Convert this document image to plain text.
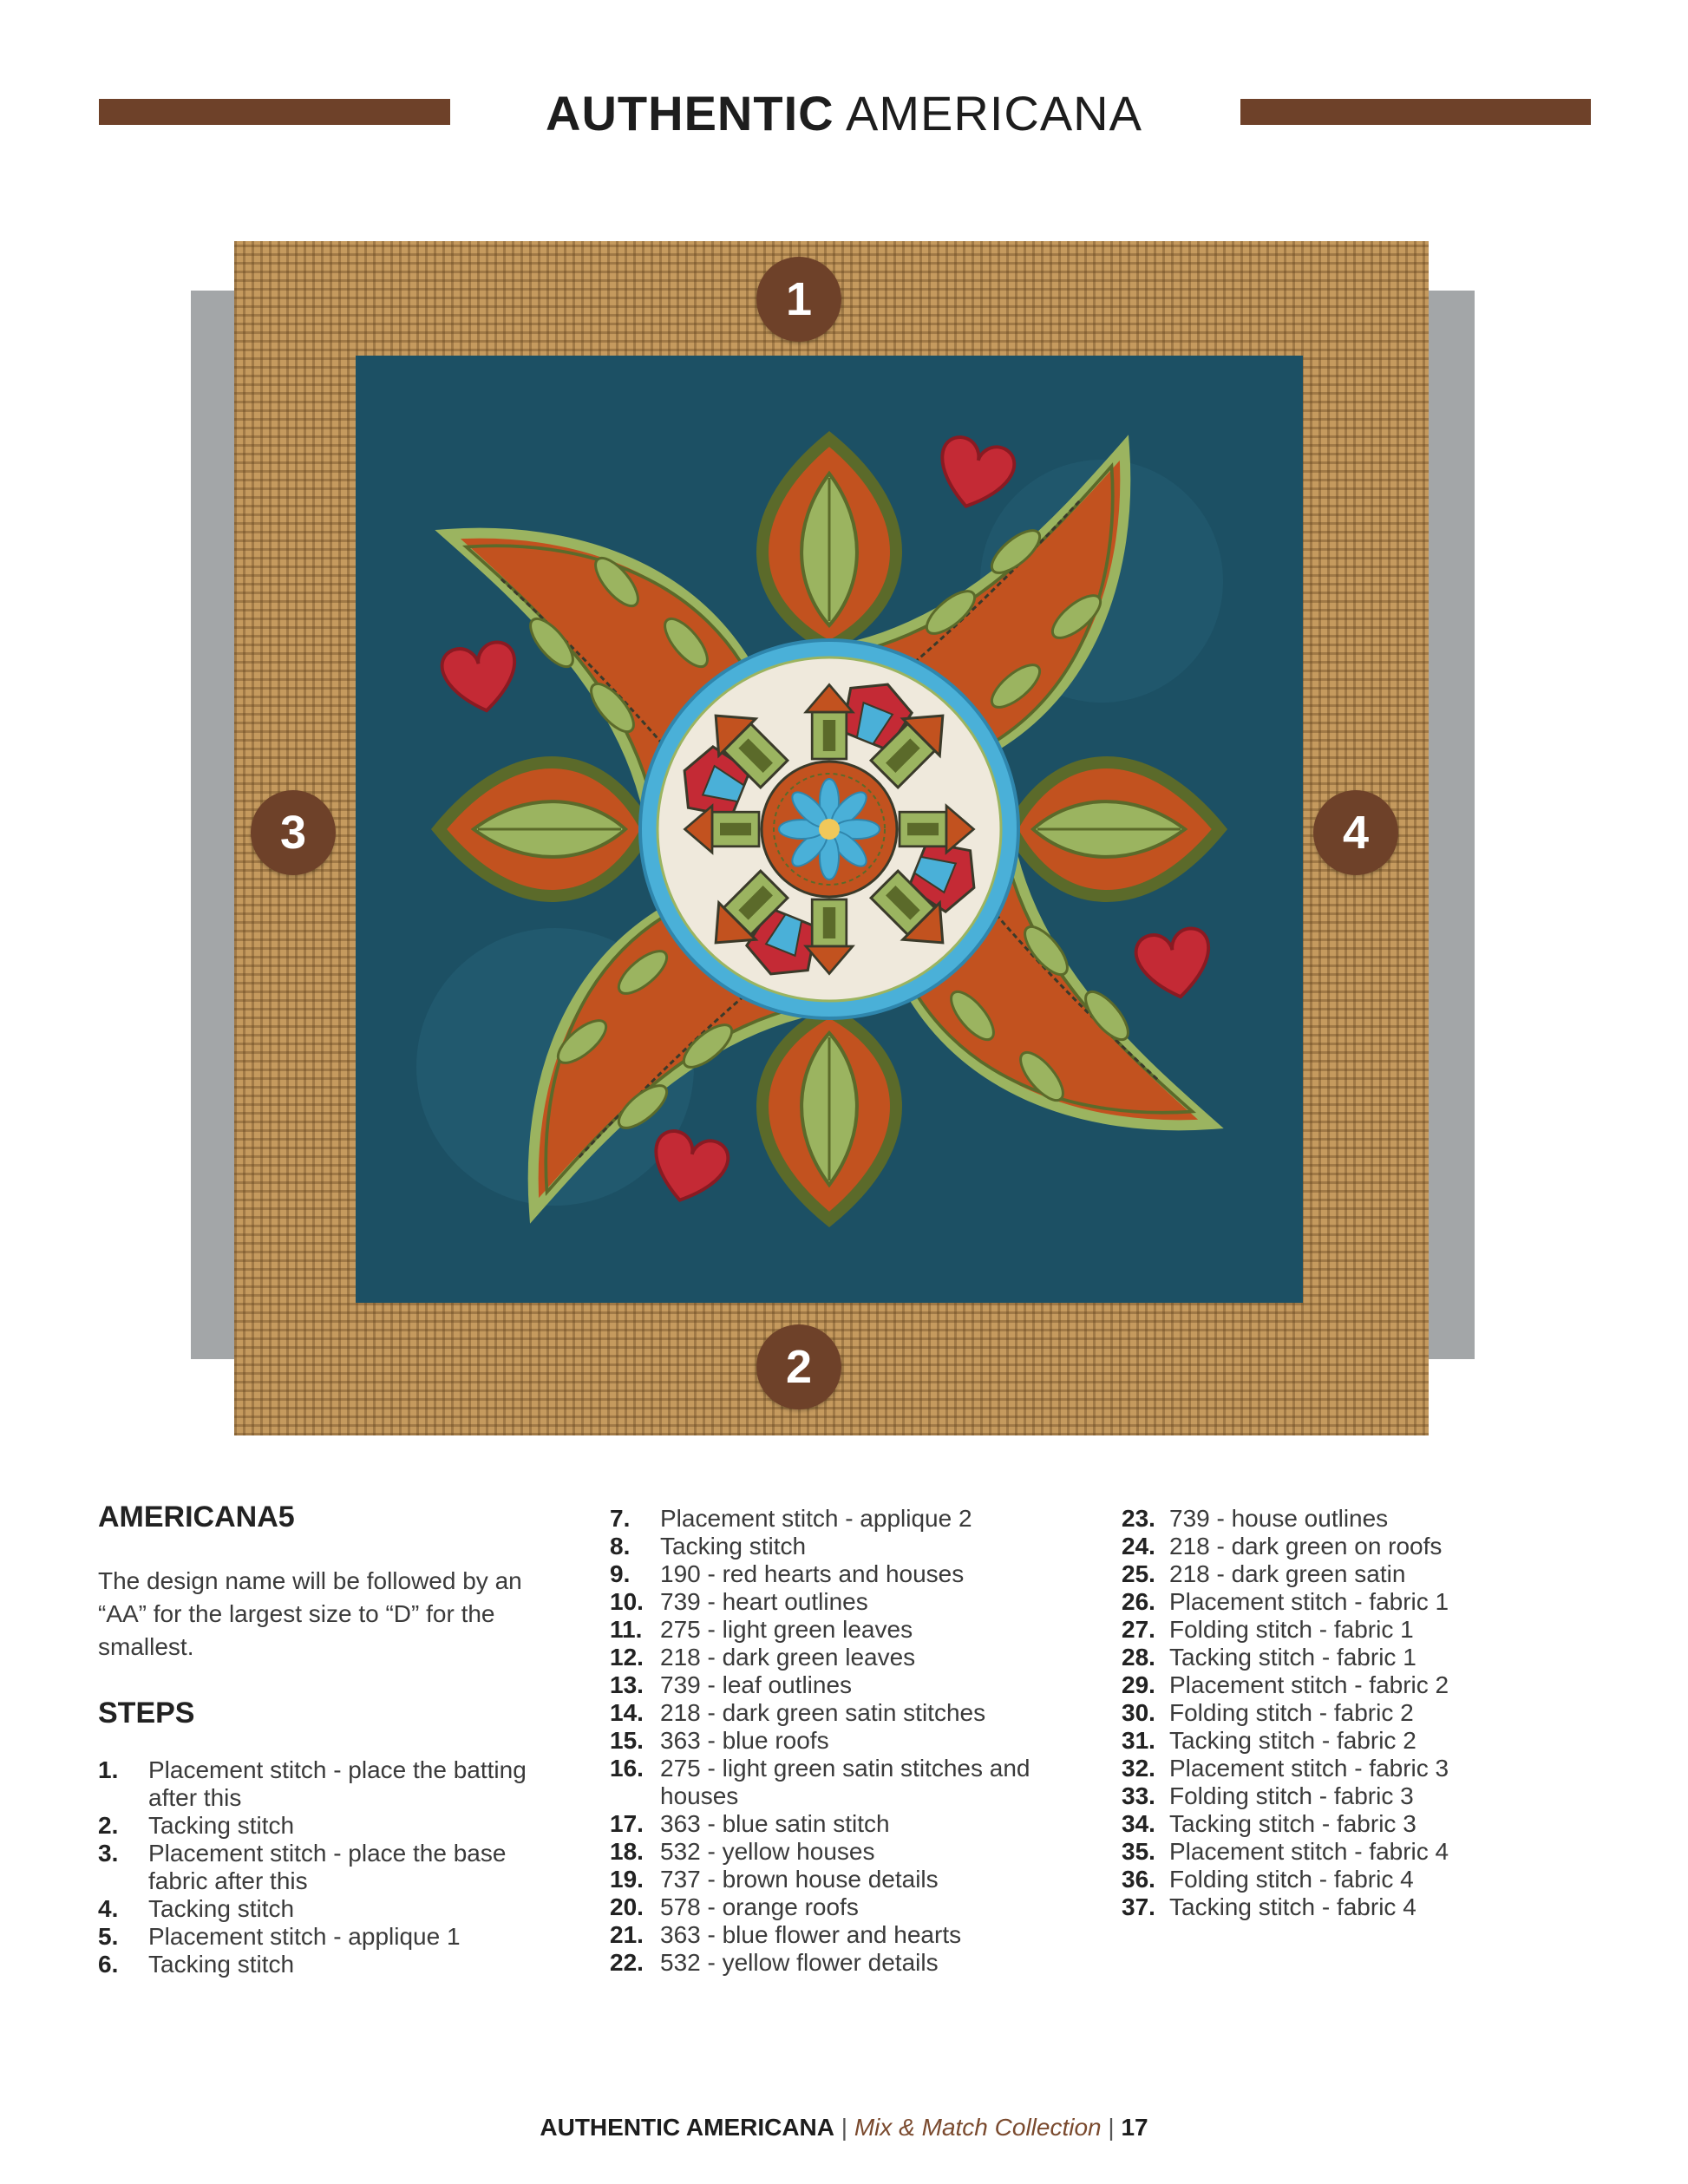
AUTHENTIC AMERICANA
1
2
3	4
AMERICANA5
The design name will be followed by an “AA” for the largest size to “D” for the smallest.
STEPS
1.	Placement stitch - place the batting after this
2.	Tacking stitch
3.	Placement stitch - place the base fabric after this
4.	Tacking stitch
5.	Placement stitch - applique 1
6.	Tacking stitch
7.	Placement stitch - applique 2
8.	Tacking stitch
9.	190 - red hearts and houses
10. 739 - heart outlines
11. 275 - light green leaves
12. 218 - dark green leaves
13. 739 - leaf outlines
14. 218 - dark green satin stitches
15. 363 - blue roofs
16. 275 - light green satin stitches and houses
17. 363 - blue satin stitch
18. 532 - yellow houses
19. 737 - brown house details
20. 578 - orange roofs
21. 363 - blue flower and hearts
22. 532 - yellow flower details
23. 739 - house outlines
24. 218 - dark green on roofs
25. 218 - dark green satin
26. Placement stitch - fabric 1
27. Folding stitch - fabric 1
28. Tacking stitch - fabric 1
29. Placement stitch - fabric 2
30. Folding stitch - fabric 2
31. Tacking stitch - fabric 2
32. Placement stitch - fabric 3
33. Folding stitch - fabric 3
34. Tacking stitch - fabric 3
35. Placement stitch - fabric 4
36. Folding stitch - fabric 4
37. Tacking stitch - fabric 4
AUTHENTIC AMERICANA | Mix & Match Collection | 17
